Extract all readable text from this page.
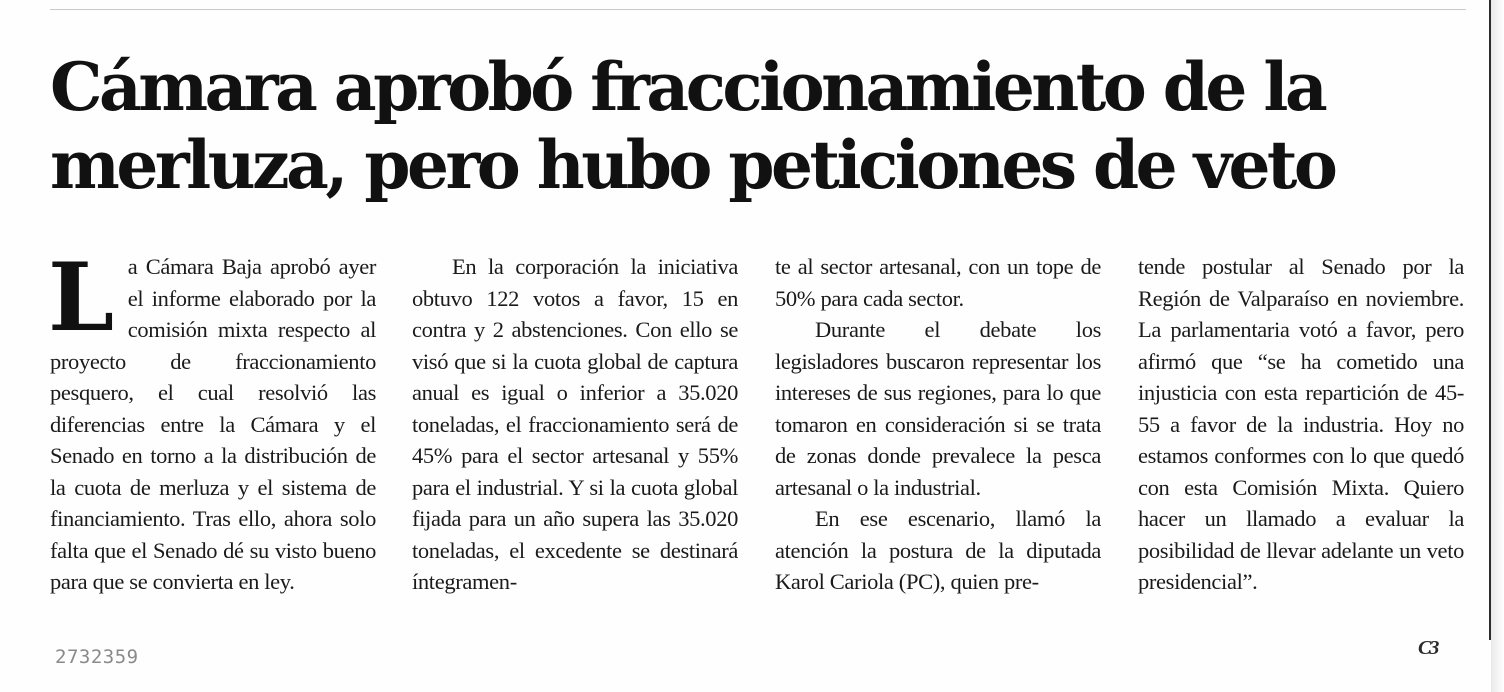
Cámara aprobó fraccionamiento de la
merluza, pero hubo peticiones de veto

L a Cámara Baja aprobó ayer el informe elaborado por la comisión mixta respecto al proyecto de fraccionamiento pesquero, el cual resolvió las diferencias entre la Cámara y el Senado en torno a la distribución de la cuota de merluza y el sistema de financiamiento. Tras ello, ahora solo falta que el Senado dé su visto bueno para que se convierta en ley.

En la corporación la iniciativa obtuvo 122 votos a favor, 15 en contra y 2 abstenciones. Con ello se visó que si la cuota global de captura anual es igual o inferior a 35.020 toneladas, el fraccionamiento será de 45% para el sector artesanal y 55% para el industrial. Y si la cuota global fijada para un año supera las 35.020 toneladas, el excedente se destinará íntegramen-

te al sector artesanal, con un tope de 50% para cada sector.

Durante el debate los legisladores buscaron representar los intereses de sus regiones, para lo que tomaron en consideración si se trata de zonas donde prevalece la pesca artesanal o la industrial.

En ese escenario, llamó la atención la postura de la diputada Karol Cariola (PC), quien pre-

tende postular al Senado por la Región de Valparaíso en noviembre. La parlamentaria votó a favor, pero afirmó que “se ha cometido una injusticia con esta repartición de 45-55 a favor de la industria. Hoy no estamos conformes con lo que quedó con esta Comisión Mixta. Quiero hacer un llamado a evaluar la posibilidad de llevar adelante un veto presidencial”.

C3
2732359
